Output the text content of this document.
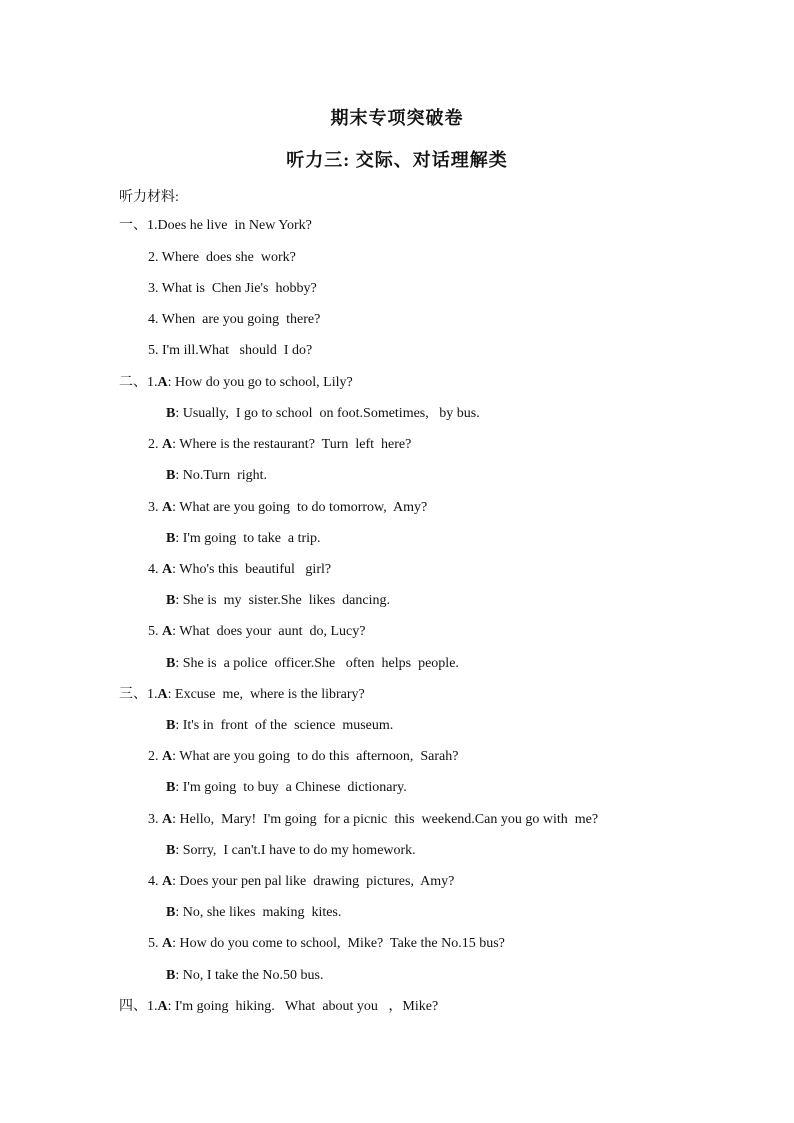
期末专项突破卷
听力三: 交际、对话理解类
听力材料:
一、1.Does he live  in New York?
2. Where  does she  work?
3. What is  Chen Jie's  hobby?
4. When  are you going  there?
5. I'm ill.What   should  I do?
二、1.A: How do you go to school, Lily?
B: Usually,  I go to school  on foot.Sometimes,   by bus.
2. A: Where is the restaurant?  Turn  left  here?
B: No.Turn  right.
3. A: What are you going  to do tomorrow,  Amy?
B: I'm going  to take  a trip.
4. A: Who's this  beautiful   girl?
B: She is  my  sister.She  likes  dancing.
5. A: What  does your  aunt  do, Lucy?
B: She is  a police  officer.She   often  helps  people.
三、1.A: Excuse  me,  where is the library?
B: It's in  front  of the  science  museum.
2. A: What are you going  to do this  afternoon,  Sarah?
B: I'm going  to buy  a Chinese  dictionary.
3. A: Hello,  Mary!  I'm going  for a picnic  this  weekend.Can you go with  me?
B: Sorry,  I can't.I have to do my homework.
4. A: Does your pen pal like  drawing  pictures,  Amy?
B: No, she likes  making  kites.
5. A: How do you come to school,  Mike?  Take the No.15 bus?
B: No, I take the No.50 bus.
四、1.A: I'm going  hiking.   What  about you   ，Mike?
